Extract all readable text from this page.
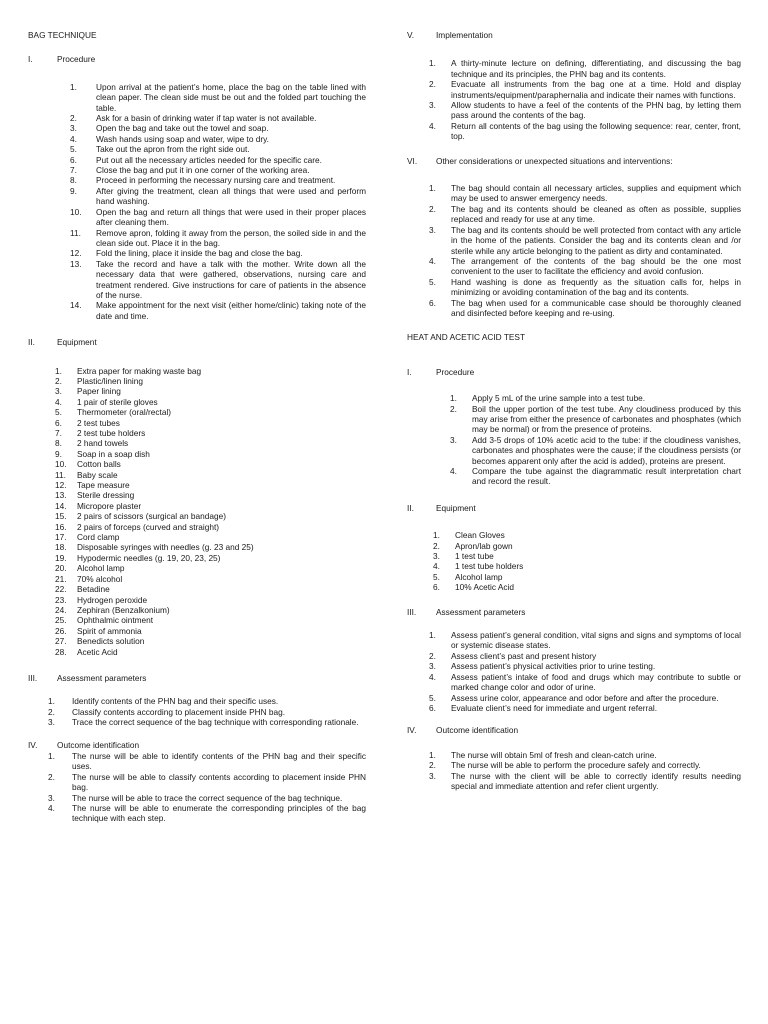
BAG TECHNIQUE
I.	Procedure
1.	Upon arrival at the patient’s home, place the bag on the table lined with clean paper. The clean side must be out and the folded part touching the table.
2.	Ask for a basin of drinking water if tap water is not available.
3.	Open the bag and take out the towel and soap.
4.	Wash hands using soap and water, wipe to dry.
5.	Take out the apron from the right side out.
6.	Put out all the necessary articles needed for the specific care.
7.	Close the bag and put it in one corner of the working area.
8.	Proceed in performing the necessary nursing care and treatment.
9.	After giving the treatment, clean all things that were used and perform hand washing.
10.	Open the bag and return all things that were used in their proper places after cleaning them.
11.	Remove apron, folding it away from the person, the soiled side in and the clean side out. Place it in the bag.
12.	Fold the lining, place it inside the bag and close the bag.
13.	Take the record and have a talk with the mother. Write down all the necessary data that were gathered, observations, nursing care and treatment rendered. Give instructions for care of patients in the absence of the nurse.
14.	Make appointment for the next visit (either home/clinic) taking note of the date and time.
II.	Equipment
1.	Extra paper for making waste bag
2.	Plastic/linen lining
3.	Paper lining
4.	1 pair of sterile gloves
5.	Thermometer (oral/rectal)
6.	2 test tubes
7.	2 test tube holders
8.	2 hand towels
9.	Soap in a soap dish
10.	Cotton balls
11.	Baby scale
12.	Tape measure
13.	Sterile dressing
14.	Micropore plaster
15.	2 pairs of scissors (surgical an bandage)
16.	2 pairs of forceps (curved and straight)
17.	Cord clamp
18.	Disposable syringes with needles (g. 23 and 25)
19.	Hypodermic needles (g. 19, 20, 23, 25)
20.	Alcohol lamp
21.	70% alcohol
22.	Betadine
23.	Hydrogen peroxide
24.	Zephiran (Benzalkonium)
25.	Ophthalmic ointment
26.	Spirit of ammonia
27.	Benedicts solution
28.	Acetic Acid
III.	Assessment parameters
1.	Identify contents of the PHN bag and their specific uses.
2.	Classify contents according to placement inside PHN bag.
3.	Trace the correct sequence of the bag technique with corresponding rationale.
IV.	Outcome identification
1.	The nurse will be able to identify contents of the PHN bag and their specific uses.
2.	The nurse will be able to classify contents according to placement inside PHN bag.
3.	The nurse will be able to trace the correct sequence of the bag technique.
4.	The nurse will be able to enumerate the corresponding principles of the bag technique with each step.
V.	Implementation
1.	A thirty-minute lecture on defining, differentiating, and discussing the bag technique and its principles, the PHN bag and its contents.
2.	Evacuate all instruments from the bag one at a time. Hold and display instruments/equipment/paraphernalia and indicate their names with functions.
3.	Allow students to have a feel of the contents of the PHN bag, by letting them pass around the contents of the bag.
4.	Return all contents of the bag using the following sequence: rear, center, front, top.
VI.	Other considerations or unexpected situations and interventions:
1.	The bag should contain all necessary articles, supplies and equipment which may be used to answer emergency needs.
2.	The bag and its contents should be cleaned as often as possible, supplies replaced and ready for use at any time.
3.	The bag and its contents should be well protected from contact with any article in the home of the patients. Consider the bag and its contents clean and /or sterile while any article belonging to the patient as dirty and contaminated.
4.	The arrangement of the contents of the bag should be the one most convenient to the user to facilitate the efficiency and avoid confusion.
5.	Hand washing is done as frequently as the situation calls for, helps in minimizing or avoiding contamination of the bag and its contents.
6.	The bag when used for a communicable case should be thoroughly cleaned and disinfected before keeping and re-using.
HEAT AND ACETIC ACID TEST
I.	Procedure
1.	Apply 5 mL of the urine sample into a test tube.
2.	Boil the upper portion of the test tube. Any cloudiness produced by this may arise from either the presence of carbonates and phosphates (which may be normal) or from the presence of proteins.
3.	Add 3-5 drops of 10% acetic acid to the tube: if the cloudiness vanishes, carbonates and phosphates were the cause; if the cloudiness persists (or becomes apparent only after the acid is added), proteins are present.
4.	Compare the tube against the diagrammatic result interpretation chart and record the result.
II.	Equipment
1.	Clean Gloves
2.	Apron/lab gown
3.	1 test tube
4.	1 test tube holders
5.	Alcohol lamp
6.	10% Acetic Acid
III.	Assessment parameters
1.	Assess patient’s general condition, vital signs and signs and symptoms of local or systemic disease states.
2.	Assess client’s past and present history
3.	Assess patient’s physical activities prior to urine testing.
4.	Assess patient’s intake of food and drugs which may contribute to subtle or marked change color and odor of urine.
5.	Assess urine color, appearance and odor before and after the procedure.
6.	Evaluate client’s need for immediate and urgent referral.
IV.	Outcome identification
1.	The nurse will obtain 5ml of fresh and clean-catch urine.
2.	The nurse will be able to perform the procedure safely and correctly.
3.	The nurse with the client will be able to correctly identify results needing special and immediate attention and refer client urgently.
